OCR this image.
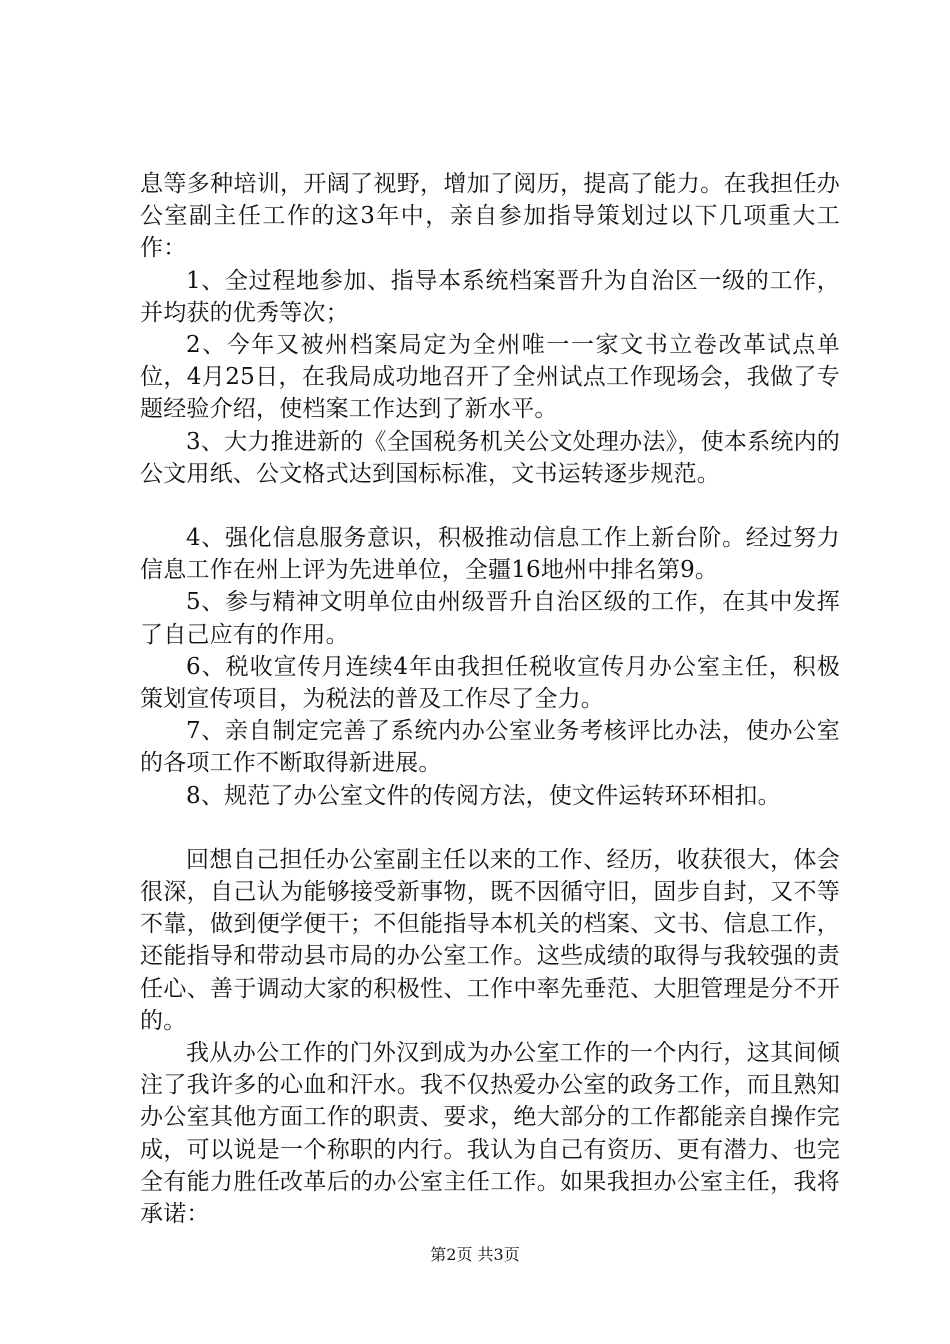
息等多种培训，开阔了视野，增加了阅历，提高了能力。在我担任办公室副主任工作的这3年中，亲自参加指导策划过以下几项重大工作：

1、全过程地参加、指导本系统档案晋升为自治区一级的工作，并均获的优秀等次；

2、今年又被州档案局定为全州唯一一家文书立卷改革试点单位，4月25日，在我局成功地召开了全州试点工作现场会，我做了专题经验介绍，使档案工作达到了新水平。

3、大力推进新的《全国税务机关公文处理办法》，使本系统内的公文用纸、公文格式达到国标标准，文书运转逐步规范。

4、强化信息服务意识，积极推动信息工作上新台阶。经过努力信息工作在州上评为先进单位，全疆16地州中排名第9。

5、参与精神文明单位由州级晋升自治区级的工作，在其中发挥了自己应有的作用。

6、税收宣传月连续4年由我担任税收宣传月办公室主任，积极策划宣传项目，为税法的普及工作尽了全力。

7、亲自制定完善了系统内办公室业务考核评比办法，使办公室的各项工作不断取得新进展。

8、规范了办公室文件的传阅方法，使文件运转环环相扣。

回想自己担任办公室副主任以来的工作、经历，收获很大，体会很深，自己认为能够接受新事物，既不因循守旧，固步自封，又不等不靠，做到便学便干；不但能指导本机关的档案、文书、信息工作，还能指导和带动县市局的办公室工作。这些成绩的取得与我较强的责任心、善于调动大家的积极性、工作中率先垂范、大胆管理是分不开的。

我从办公工作的门外汉到成为办公室工作的一个内行，这其间倾注了我许多的心血和汗水。我不仅热爱办公室的政务工作，而且熟知办公室其他方面工作的职责、要求，绝大部分的工作都能亲自操作完成，可以说是一个称职的内行。我认为自己有资历、更有潜力、也完全有能力胜任改革后的办公室主任工作。如果我担办公室主任，我将承诺：

第2页 共3页
